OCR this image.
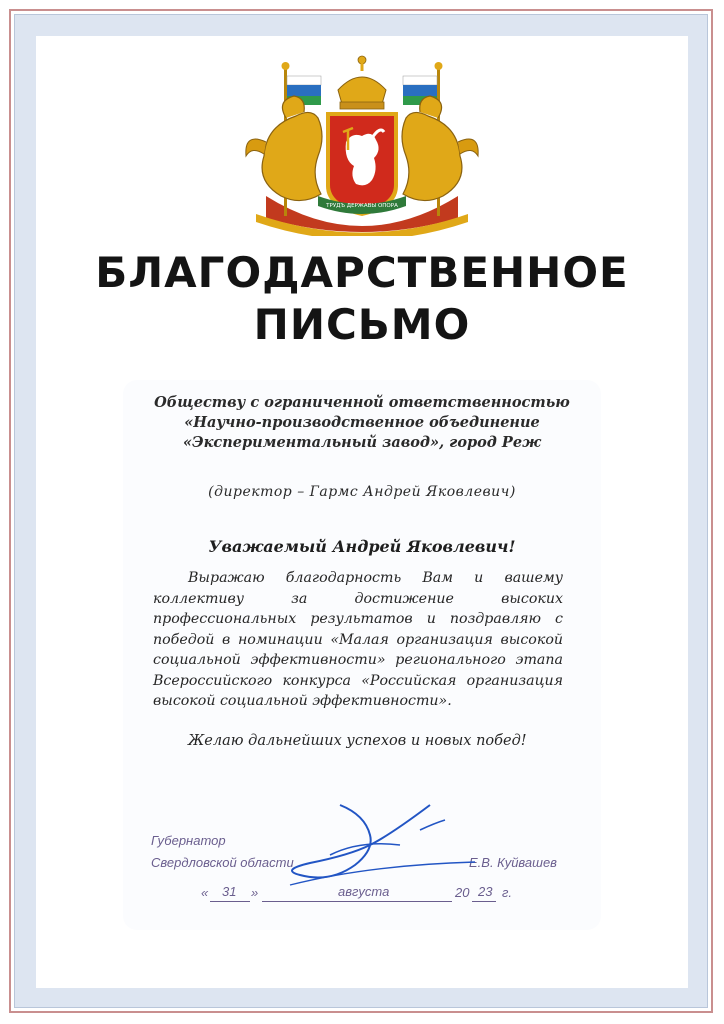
ТРУДЪ ДЕРЖАВЫ ОПОРА
БЛАГОДАРСТВЕННОЕ
ПИСЬМО
Обществу с ограниченной ответственностью
«Научно-производственное объединение
«Экспериментальный завод», город Реж
(директор – Гармс Андрей Яковлевич)
Уважаемый Андрей Яковлевич!
Выражаю благодарность Вам и вашему коллективу за достижение высоких профессиональных результатов и поздравляю с победой в номинации «Малая организация высокой социальной эффективности» регионального этапа Всероссийского конкурса «Российская организация высокой социальной эффективности».
Желаю дальнейших успехов и новых побед!
Губернатор
Свердловской области	Е.В. Куйвашев
« 31 »	августа	20 23 г.
